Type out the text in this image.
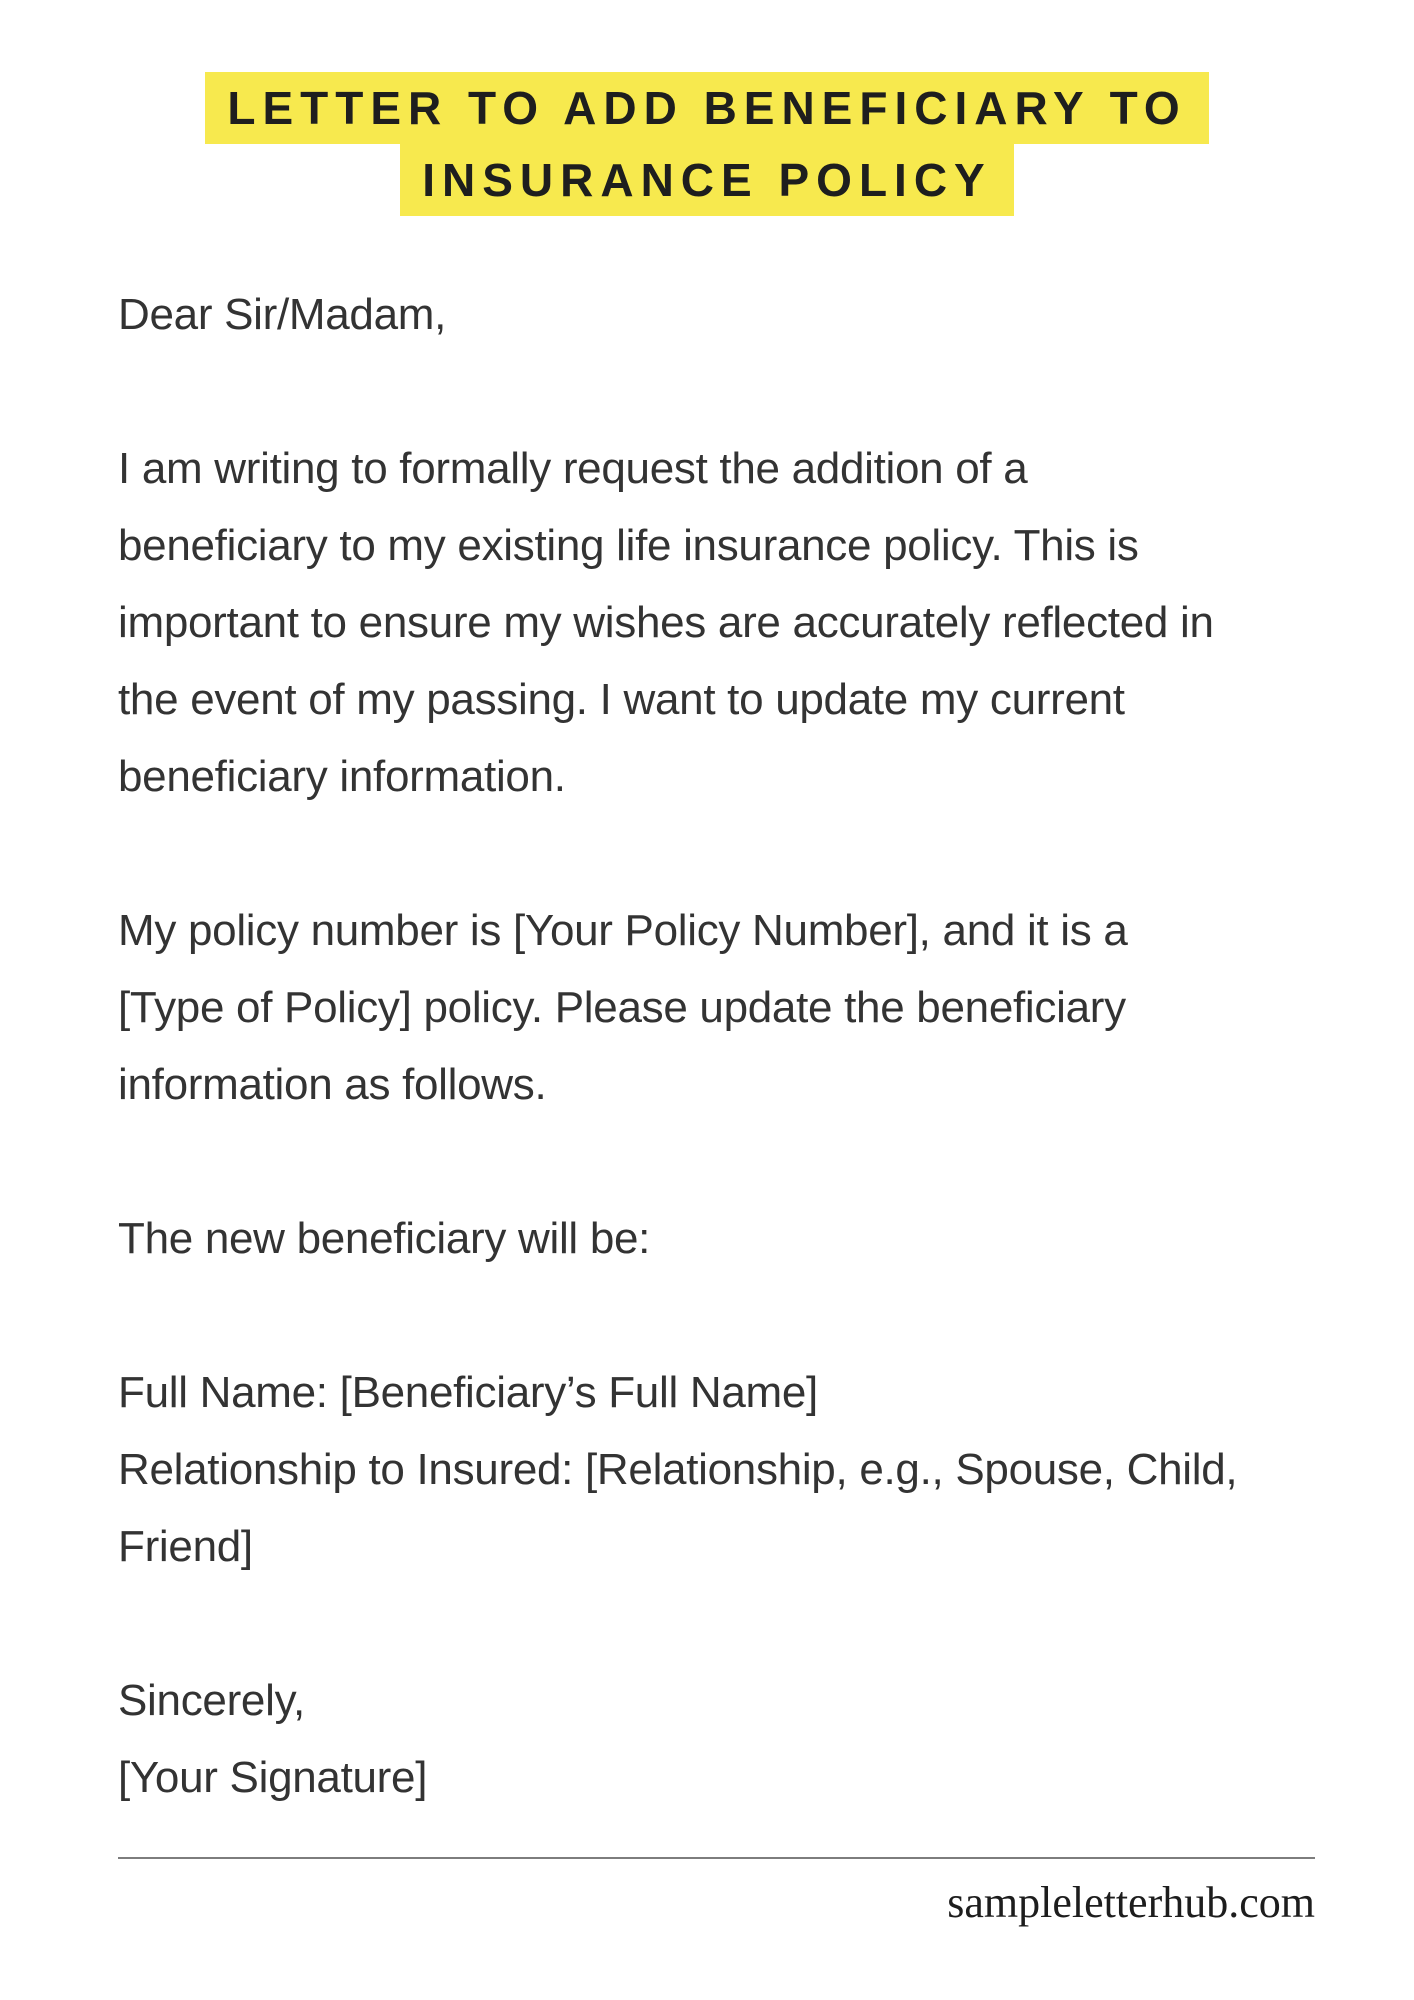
LETTER TO ADD BENEFICIARY TO
INSURANCE POLICY
Dear Sir/Madam,
I am writing to formally request the addition of a
beneficiary to my existing life insurance policy. This is
important to ensure my wishes are accurately reflected in
the event of my passing. I want to update my current
beneficiary information.
My policy number is [Your Policy Number], and it is a
[Type of Policy] policy. Please update the beneficiary
information as follows.
The new beneficiary will be:
Full Name: [Beneficiary’s Full Name]
Relationship to Insured: [Relationship, e.g., Spouse, Child,
Friend]
Sincerely,
[Your Signature]
sampleletterhub.com
